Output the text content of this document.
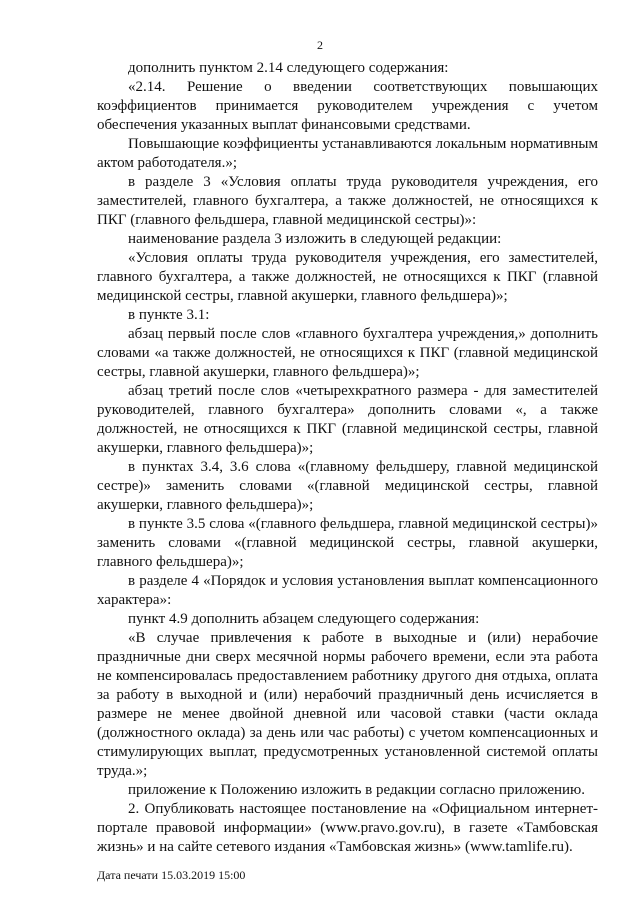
2

дополнить пунктом 2.14 следующего содержания:

«2.14. Решение о введении соответствующих повышающих коэффициентов принимается руководителем учреждения с учетом обеспечения указанных выплат финансовыми средствами.

Повышающие коэффициенты устанавливаются локальным нормативным актом работодателя.»;

в разделе 3 «Условия оплаты труда руководителя учреждения, его заместителей, главного бухгалтера, а также должностей, не относящихся к ПКГ (главного фельдшера, главной медицинской сестры)»:

наименование раздела 3 изложить в следующей редакции:

«Условия оплаты труда руководителя учреждения, его заместителей, главного бухгалтера, а также должностей, не относящихся к ПКГ (главной медицинской сестры, главной акушерки, главного фельдшера)»;

в пункте 3.1:

абзац первый после слов «главного бухгалтера учреждения,» дополнить словами «а также должностей, не относящихся к ПКГ (главной медицинской сестры, главной акушерки, главного фельдшера)»;

абзац третий после слов «четырехкратного размера - для заместителей руководителей, главного бухгалтера» дополнить словами «, а также должностей, не относящихся к ПКГ (главной медицинской сестры, главной акушерки, главного фельдшера)»;

в пунктах 3.4, 3.6 слова «(главному фельдшеру, главной медицинской сестре)» заменить словами «(главной медицинской сестры, главной акушерки, главного фельдшера)»;

в пункте 3.5 слова «(главного фельдшера, главной медицинской сестры)» заменить словами «(главной медицинской сестры, главной акушерки, главного фельдшера)»;

в разделе 4 «Порядок и условия установления выплат компенсационного характера»:

пункт 4.9 дополнить абзацем следующего содержания:

«В случае привлечения к работе в выходные и (или) нерабочие праздничные дни сверх месячной нормы рабочего времени, если эта работа не компенсировалась предоставлением работнику другого дня отдыха, оплата за работу в выходной и (или) нерабочий праздничный день исчисляется в размере не менее двойной дневной или часовой ставки (части оклада (должностного оклада) за день или час работы) с учетом компенсационных и стимулирующих выплат, предусмотренных установленной системой оплаты труда.»;

приложение к Положению изложить в редакции согласно приложению.

2. Опубликовать настоящее постановление на «Официальном интернет-портале правовой информации» (www.pravo.gov.ru), в газете «Тамбовская жизнь» и на сайте сетевого издания «Тамбовская жизнь» (www.tamlife.ru).

Дата печати 15.03.2019 15:00
